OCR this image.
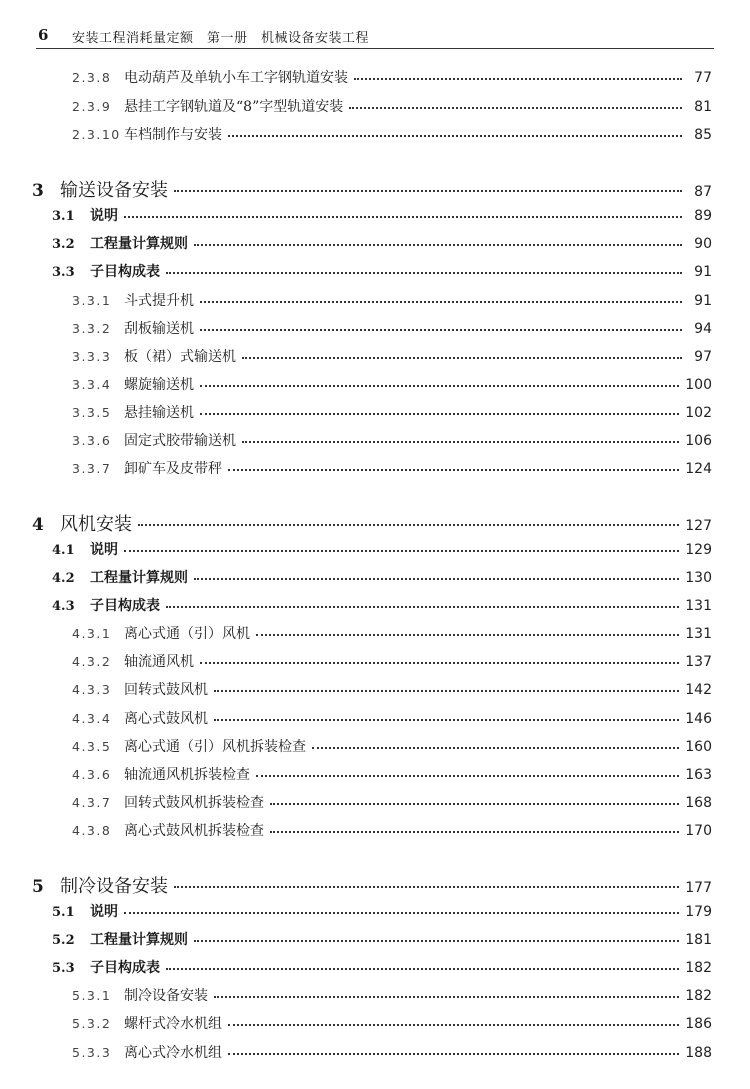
6 安装工程消耗量定额　第一册　机械设备安装工程
2.3.8 电动葫芦及单轨小车工字钢轨道安装	77
2.3.9 悬挂工字钢轨道及“8”字型轨道安装	81
2.3.10 车档制作与安装	85
3 输送设备安装	87
3.1	说明	89
3.2	工程量计算规则	90
3.3	子目构成表	91
3.3.1 斗式提升机	91
3.3.2 刮板输送机	94
3.3.3 板（裙）式输送机	97
3.3.4 螺旋输送机	100
3.3.5 悬挂输送机	102
3.3.6 固定式胶带输送机	106
3.3.7 卸矿车及皮带秤	124
4 风机安装	127
4.1	说明	129
4.2	工程量计算规则	130
4.3	子目构成表	131
4.3.1 离心式通（引）风机	131
4.3.2 轴流通风机	137
4.3.3 回转式鼓风机	142
4.3.4 离心式鼓风机	146
4.3.5 离心式通（引）风机拆装检查	160
4.3.6 轴流通风机拆装检查	163
4.3.7 回转式鼓风机拆装检查	168
4.3.8 离心式鼓风机拆装检查	170
5 制冷设备安装	177
5.1	说明	179
5.2	工程量计算规则	181
5.3	子目构成表	182
5.3.1 制冷设备安装	182
5.3.2 螺杆式冷水机组	186
5.3.3 离心式冷水机组	188
